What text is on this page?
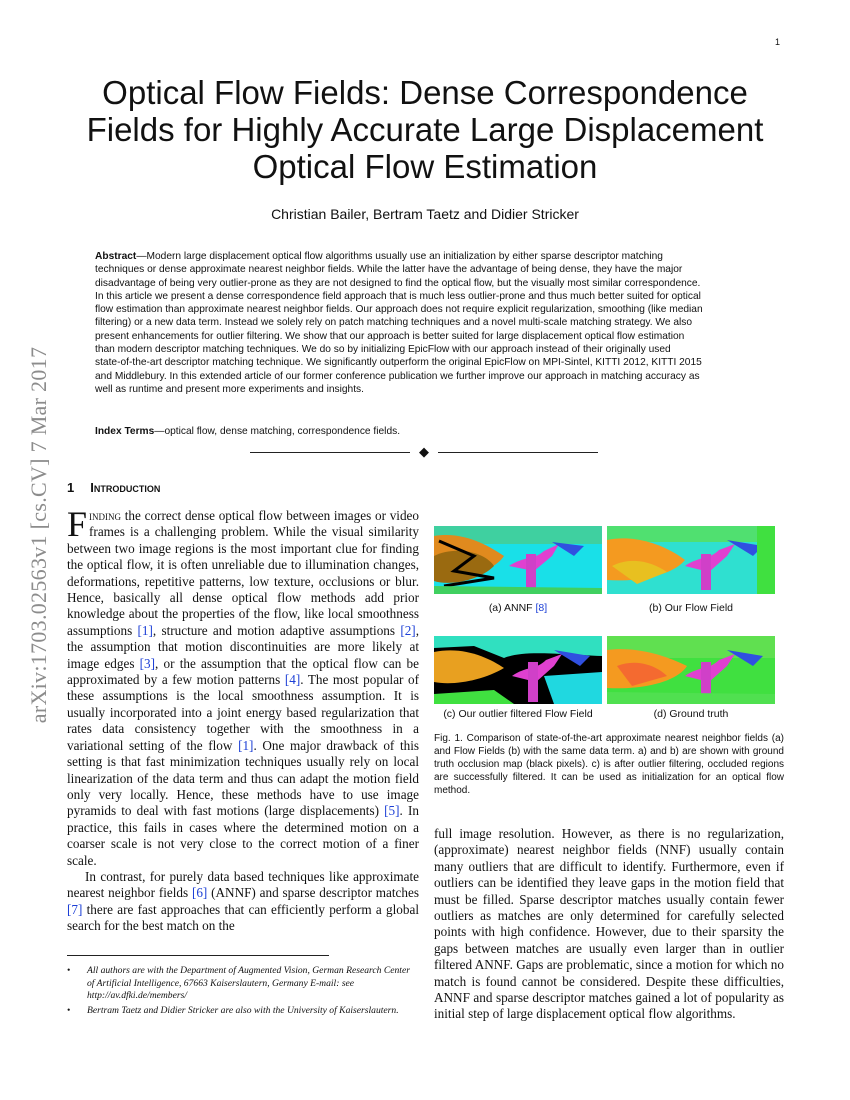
1
Optical Flow Fields: Dense Correspondence
Fields for Highly Accurate Large Displacement
Optical Flow Estimation
Christian Bailer, Bertram Taetz and Didier Stricker
Abstract—Modern large displacement optical flow algorithms usually use an initialization by either sparse descriptor matching
techniques or dense approximate nearest neighbor fields. While the latter have the advantage of being dense, they have the major
disadvantage of being very outlier-prone as they are not designed to find the optical flow, but the visually most similar correspondence.
In this article we present a dense correspondence field approach that is much less outlier-prone and thus much better suited for optical
flow estimation than approximate nearest neighbor fields. Our approach does not require explicit regularization, smoothing (like median
filtering) or a new data term. Instead we solely rely on patch matching techniques and a novel multi-scale matching strategy. We also
present enhancements for outlier filtering. We show that our approach is better suited for large displacement optical flow estimation
than modern descriptor matching techniques. We do so by initializing EpicFlow with our approach instead of their originally used
state-of-the-art descriptor matching technique. We significantly outperform the original EpicFlow on MPI-Sintel, KITTI 2012, KITTI 2015
and Middlebury. In this extended article of our former conference publication we further improve our approach in matching accuracy as
well as runtime and present more experiments and insights.
Index Terms—optical flow, dense matching, correspondence fields.
◆
arXiv:1703.02563v1 [cs.CV] 7 Mar 2017 1 Introduction

Finding the correct dense optical flow between images or video frames is a challenging problem. While the visual similarity between two image regions is the most important clue for finding the optical flow, it is often unreliable due to illumination changes, deformations, repetitive patterns, low texture, occlusions or blur. Hence, basically all dense optical flow methods add prior knowledge about the properties of the flow, like local smoothness assumptions [1], structure and motion adaptive assumptions [2], the assumption that motion discontinuities are more likely at image edges [3], or the assumption that the optical flow can be approximated by a few motion patterns [4]. The most popular of these assumptions is the local smoothness assumption. It is usually incorporated into a joint energy based regularization that rates data consistency together with the smoothness in a variational setting of the flow [1]. One major drawback of this setting is that fast minimization techniques usually rely on local linearization of the data term and thus can adapt the motion field only very locally. Hence, these methods have to use image pyramids to deal with fast motions (large displacements) [5]. In practice, this fails in cases where the determined motion on a coarser scale is not very close to the correct motion of a finer scale.

In contrast, for purely data based techniques like approximate nearest neighbor fields [6] (ANNF) and sparse descriptor matches [7] there are fast approaches that can efficiently perform a global search for the best match on the

• All authors are with the Department of Augmented Vision, German Research Center of Artificial Intelligence, 67663 Kaiserslautern, Germany E-mail: see http://av.dfki.de/members/
• Bertram Taetz and Didier Stricker are also with the University of Kaiserslautern.
(a) ANNF [8]	(b) Our Flow Field
(c) Our outlier filtered Flow Field	(d) Ground truth
Fig. 1. Comparison of state-of-the-art approximate nearest neighbor fields (a) and Flow Fields (b) with the same data term. a) and b) are shown with ground truth occlusion map (black pixels). c) is after outlier filtering, occluded regions are successfully filtered. It can be used as initialization for an optical flow method.

full image resolution. However, as there is no regularization, (approximate) nearest neighbor fields (NNF) usually contain many outliers that are difficult to identify. Furthermore, even if outliers can be identified they leave gaps in the motion field that must be filled. Sparse descriptor matches usually contain fewer outliers as matches are only determined for carefully selected points with high confidence. However, due to their sparsity the gaps between matches are usually even larger than in outlier filtered ANNF. Gaps are problematic, since a motion for which no match is found cannot be considered. Despite these difficulties, ANNF and sparse descriptor matches gained a lot of popularity as initial step of large displacement optical flow algorithms.
